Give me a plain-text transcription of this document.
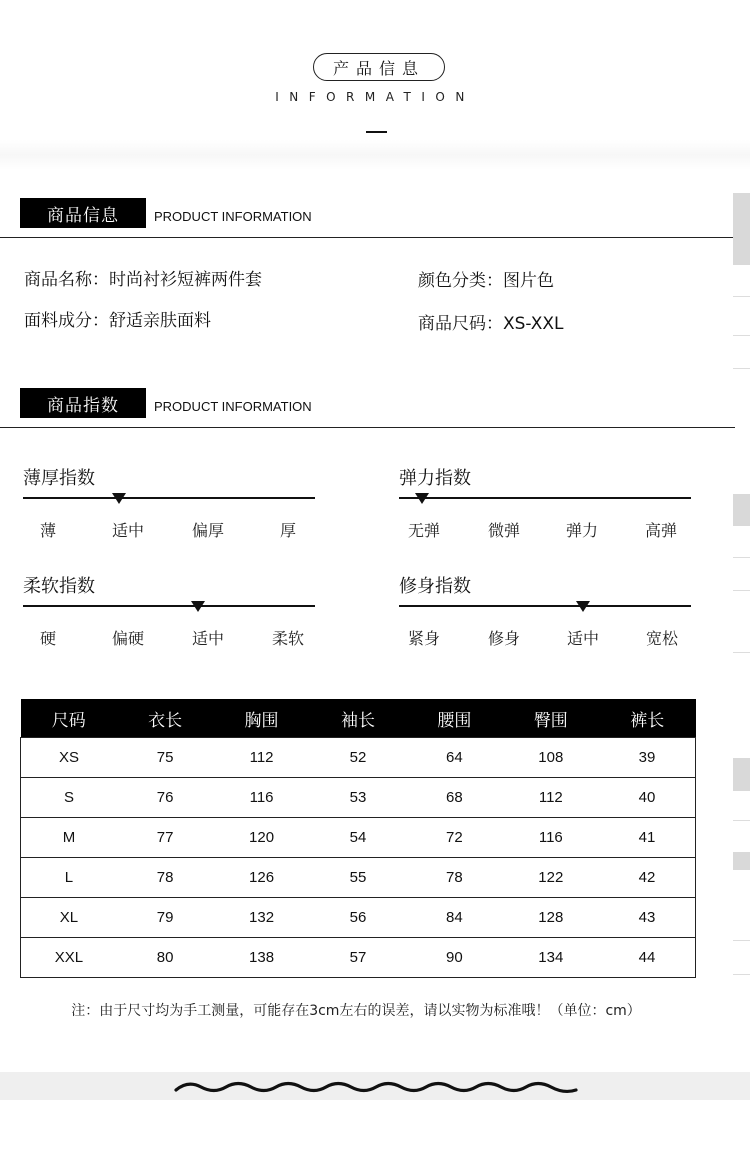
产品信息
INFORMATION
商品信息	PRODUCT INFORMATION
商品名称：时尚衬衫短裤两件套	颜色分类：图片色
面料成分：舒适亲肤面料	商品尺码：XS-XXL
商品指数	PRODUCT INFORMATION
薄厚指数
薄	适中	偏厚	厚
弹力指数
无弹	微弹	弹力	高弹
柔软指数
硬	偏硬	适中	柔软
修身指数
紧身	修身	适中	宽松
尺码	衣长	胸围	袖长	腰围	臀围	裤长
XS	75	112	52	64	108	39
S	76	116	53	68	112	40
M	77	120	54	72	116	41
L	78	126	55	78	122	42
XL	79	132	56	84	128	43
XXL	80	138	57	90	134	44
注：由于尺寸均为手工测量，可能存在3cm左右的误差，请以实物为标准哦！（单位：cm）
